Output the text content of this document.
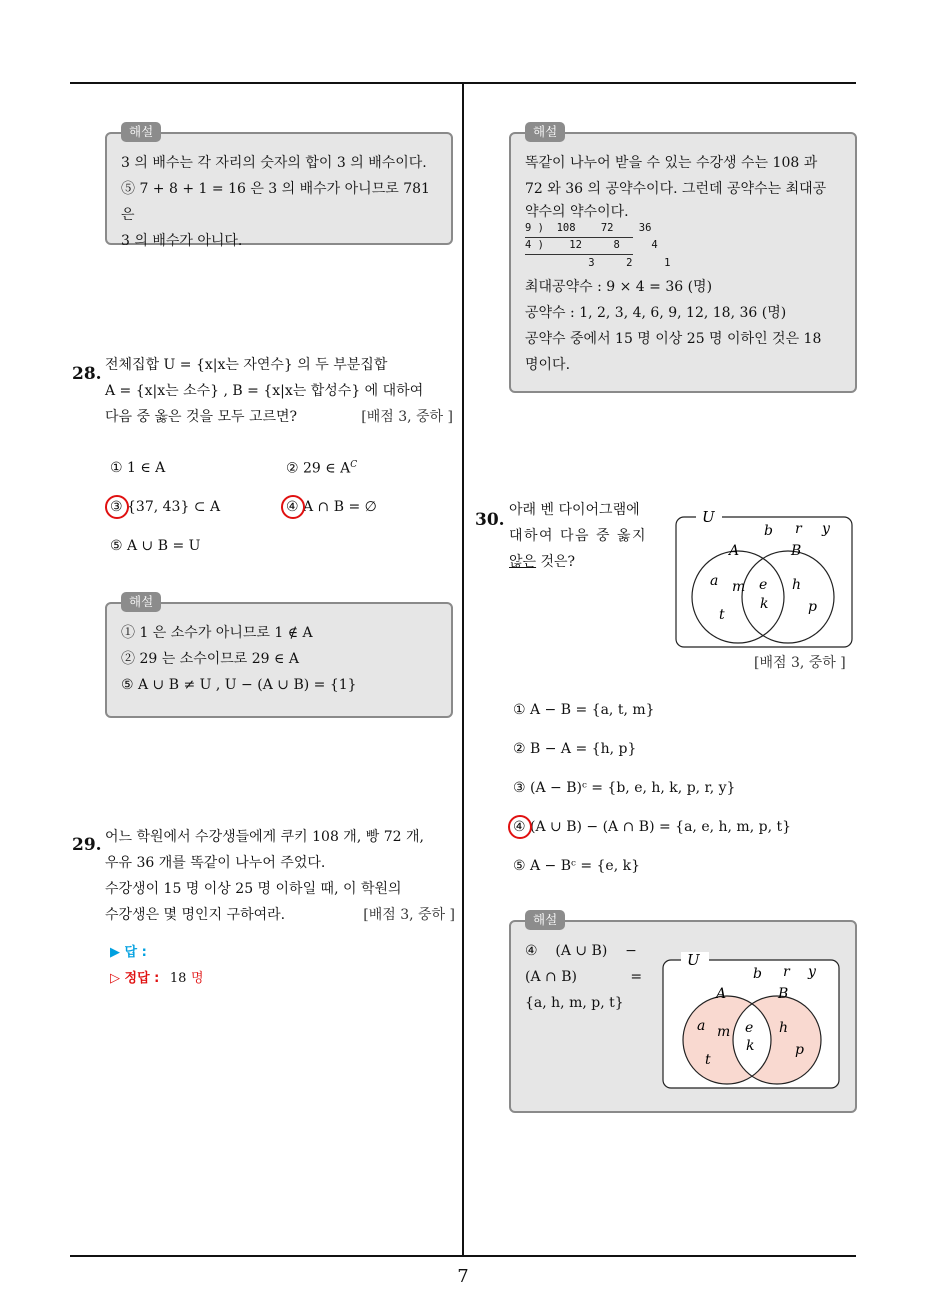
해설

3 의 배수는 각 자리의 숫자의 합이 3 의 배수이다.

⑤ 7 + 8 + 1 = 16 은 3 의 배수가 아니므로 781 은

3 의 배수가 아니다.

28. 전체집합 U = {x|x는 자연수} 의 두 부분집합
A = {x|x는 소수} , B = {x|x는 합성수} 에 대하여
다음 중 옳은 것을 모두 고르면?	[배점 3, 중하 ]
① 1 ∈ A	② 29 ∈ $A^C$
③ {37, 43} ⊂ A	④ A ∩ B = ∅
⑤ A ∪ B = U
해설

① 1 은 소수가 아니므로 1 ∉ A

② 29 는 소수이므로 29 ∈ A

⑤ A ∪ B ≠ U , U − (A ∪ B) = {1}

29. 어느 학원에서 수강생들에게 쿠키 108 개, 빵 72 개,
우유 36 개를 똑같이 나누어 주었다.
수강생이 15 명 이상 25 명 이하일 때, 이 학원의
수강생은 몇 명인지 구하여라.	[배점 3, 중하 ]
▶ 답 :
▷ 정답 : 18 명
해설

똑같이 나누어 받을 수 있는 수강생 수는 108 과

72 와 36 의 공약수이다. 그런데 공약수는 최대공

약수의 약수이다.

9 )  108    72    36
4 )    12     8     4
3     2     1

최대공약수 : 9 × 4 = 36 (명)

공약수 : 1, 2, 3, 4, 6, 9, 12, 18, 36 (명)

공약수 중에서 15 명 이상 25 명 이하인 것은 18

명이다.

30. 아래 벤 다이어그램에
대하여 다음 중 옳지
않은 것은?
U
A	B
b r y
a m
t
e
k
h
p
[배점 3, 중하 ]
① A − B = {a, t, m}
② B − A = {h, p}
③ (A − B)ᶜ = {b, e, h, k, p, r, y}
④ (A ∪ B) − (A ∩ B) = {a, e, h, m, p, t}
⑤ A − Bᶜ = {e, k}
해설

④    (A ∪ B)    −

(A ∩ B)            =

{a, h, m, p, t}

U
A	B
b r y
a m
t
e
k
h
p
7
